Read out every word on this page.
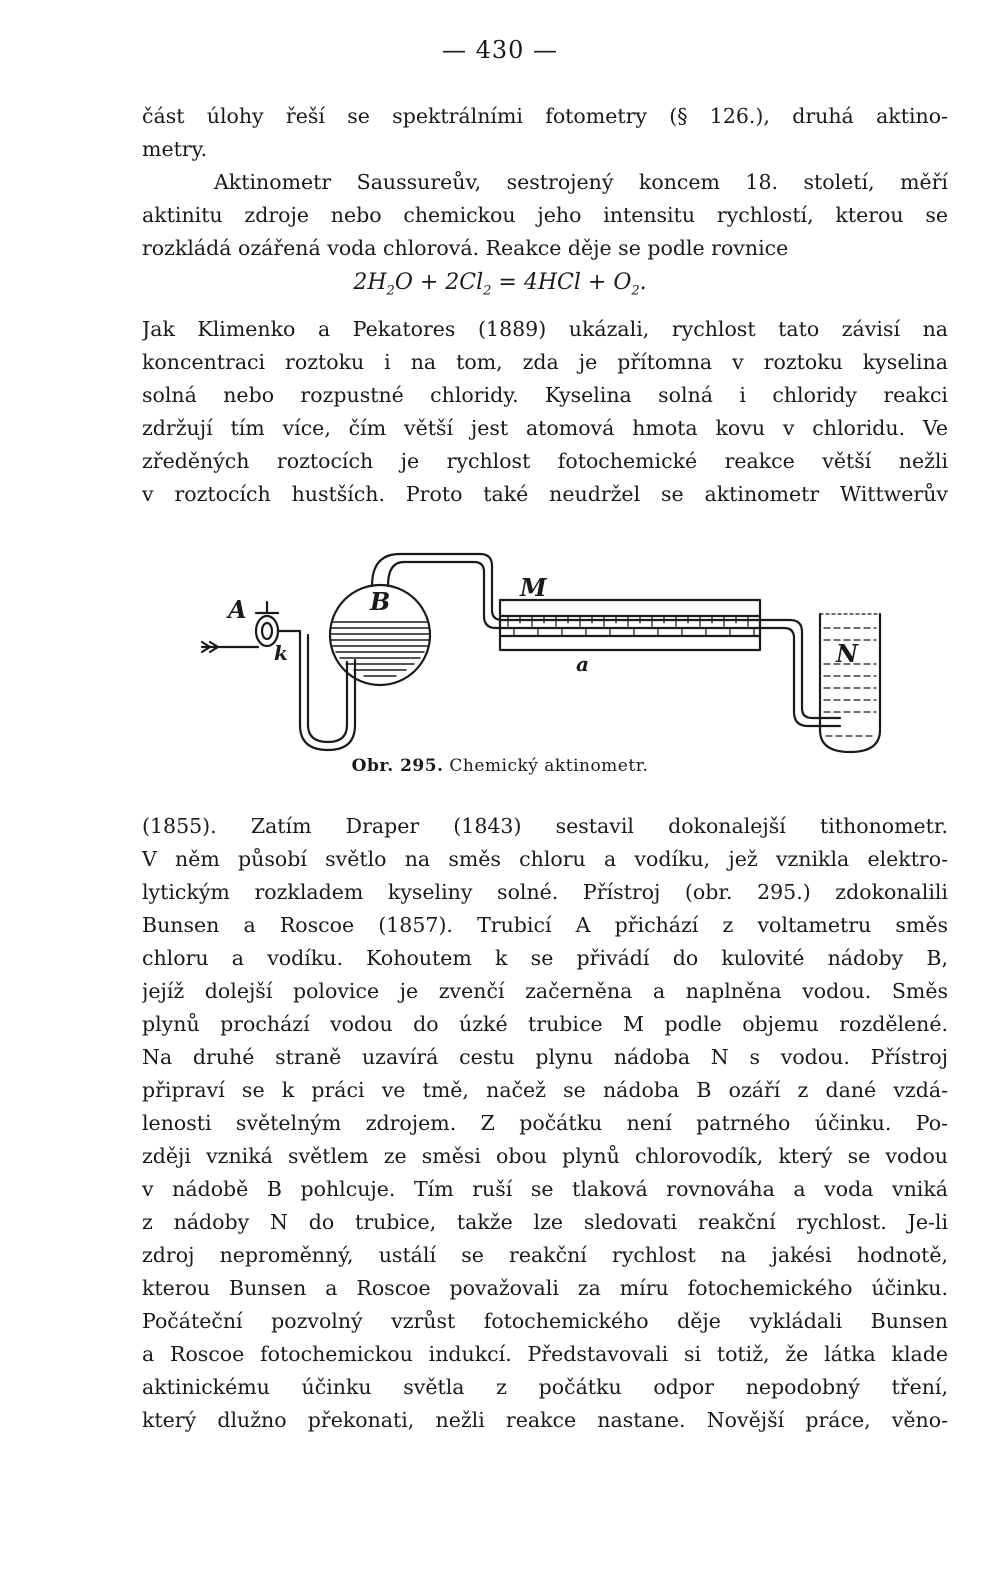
— 430 —
část úlohy řeší se spektrálními fotometry (§ 126.), druhá aktino-
metry.
Aktinometr Saussureův, sestrojený koncem 18. století, měří
aktinitu zdroje nebo chemickou jeho intensitu rychlostí, kterou se
rozkládá ozářená voda chlorová. Reakce děje se podle rovnice
$2H_2O + 2Cl_2 = 4HCl + O_2$.
Jak Klimenko a Pekatores (1889) ukázali, rychlost tato závisí na
koncentraci roztoku i na tom, zda je přítomna v roztoku kyselina
solná nebo rozpustné chloridy. Kyselina solná i chloridy reakci
zdržují tím více, čím větší jest atomová hmota kovu v chloridu. Ve
zředěných roztocích je rychlost fotochemické reakce větší nežli
v roztocích hustších. Proto také neudržel se aktinometr Wittwerův
A
k
B	M
a	N
Obr. 295. Chemický aktinometr.
(1855). Zatím Draper (1843) sestavil dokonalejší tithonometr.
V něm působí světlo na směs chloru a vodíku, jež vznikla elektro-
lytickým rozkladem kyseliny solné. Přístroj (obr. 295.) zdokonalili
Bunsen a Roscoe (1857). Trubicí A přichází z voltametru směs
chloru a vodíku. Kohoutem k se přivádí do kulovité nádoby B,
jejíž dolejší polovice je zvenčí začerněna a naplněna vodou. Směs
plynů prochází vodou do úzké trubice M podle objemu rozdělené.
Na druhé straně uzavírá cestu plynu nádoba N s vodou. Přístroj
připraví se k práci ve tmě, načež se nádoba B ozáří z dané vzdá-
lenosti světelným zdrojem. Z počátku není patrného účinku. Po-
zději vzniká světlem ze směsi obou plynů chlorovodík, který se vodou
v nádobě B pohlcuje. Tím ruší se tlaková rovnováha a voda vniká
z nádoby N do trubice, takže lze sledovati reakční rychlost. Je-li
zdroj neproměnný, ustálí se reakční rychlost na jakési hodnotě,
kterou Bunsen a Roscoe považovali za míru fotochemického účinku.
Počáteční pozvolný vzrůst fotochemického děje vykládali Bunsen
a Roscoe fotochemickou indukcí. Představovali si totiž, že látka klade
aktinickému účinku světla z počátku odpor nepodobný tření,
který dlužno překonati, nežli reakce nastane. Novější práce, věno-
